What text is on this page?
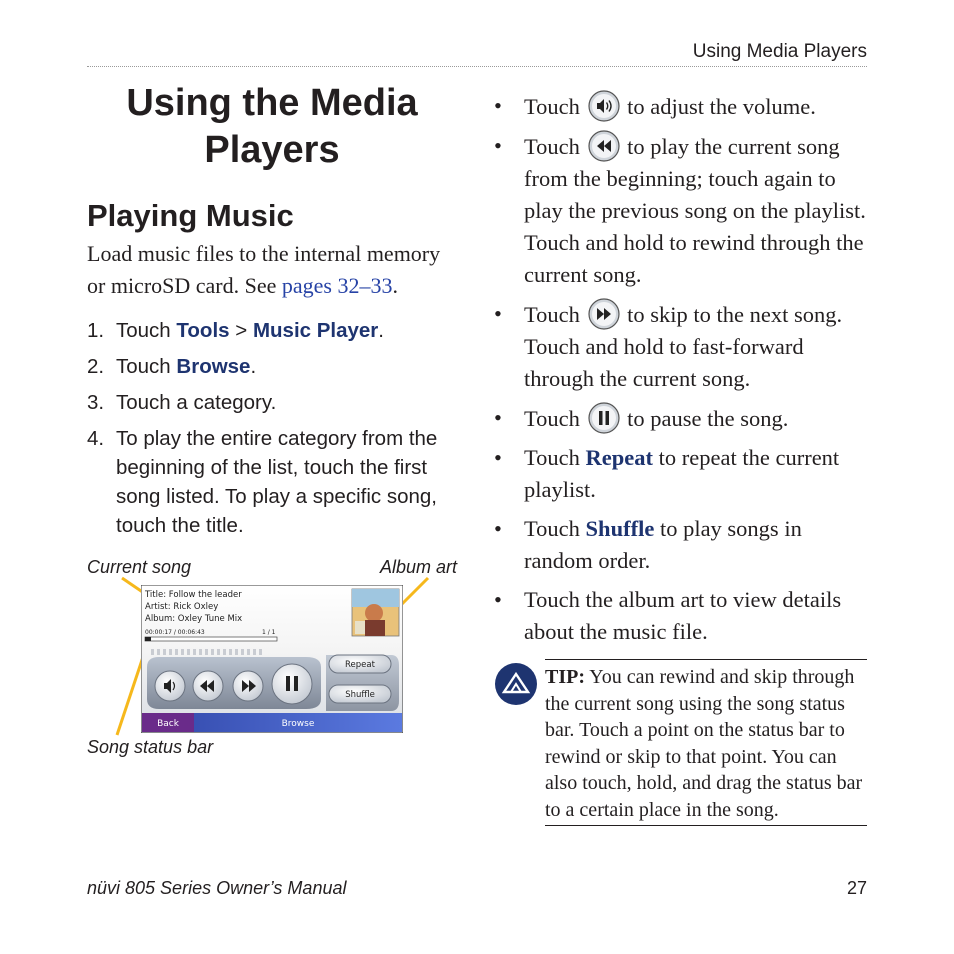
Using Media Players
Using the Media Players
Playing Music
Load music files to the internal memory or microSD card. See pages 32–33.
1. Touch Tools > Music Player.
2. Touch Browse.
3. Touch a category.
4. To play the entire category from the beginning of the list, touch the first song listed. To play a specific song, touch the title.
Current song	Album art
Song status bar
Title: Follow the leader
Artist: Rick Oxley
Album: Oxley Tune Mix
00:00:17 / 00:06:43	1 / 1
Repeat
Shuffle
Back	Browse
• Touch to adjust the volume.
• Touch to play the current song from the beginning; touch again to play the previous song on the playlist. Touch and hold to rewind through the current song.
• Touch to skip to the next song. Touch and hold to fast-forward through the current song.
• Touch to pause the song.
• Touch Repeat to repeat the current playlist.
• Touch Shuffle to play songs in random order.
• Touch the album art to view details about the music file.
TIP: You can rewind and skip through the current song using the song status bar. Touch a point on the status bar to rewind or skip to that point. You can also touch, hold, and drag the status bar to a certain place in the song.
nüvi 805 Series Owner’s Manual	27
